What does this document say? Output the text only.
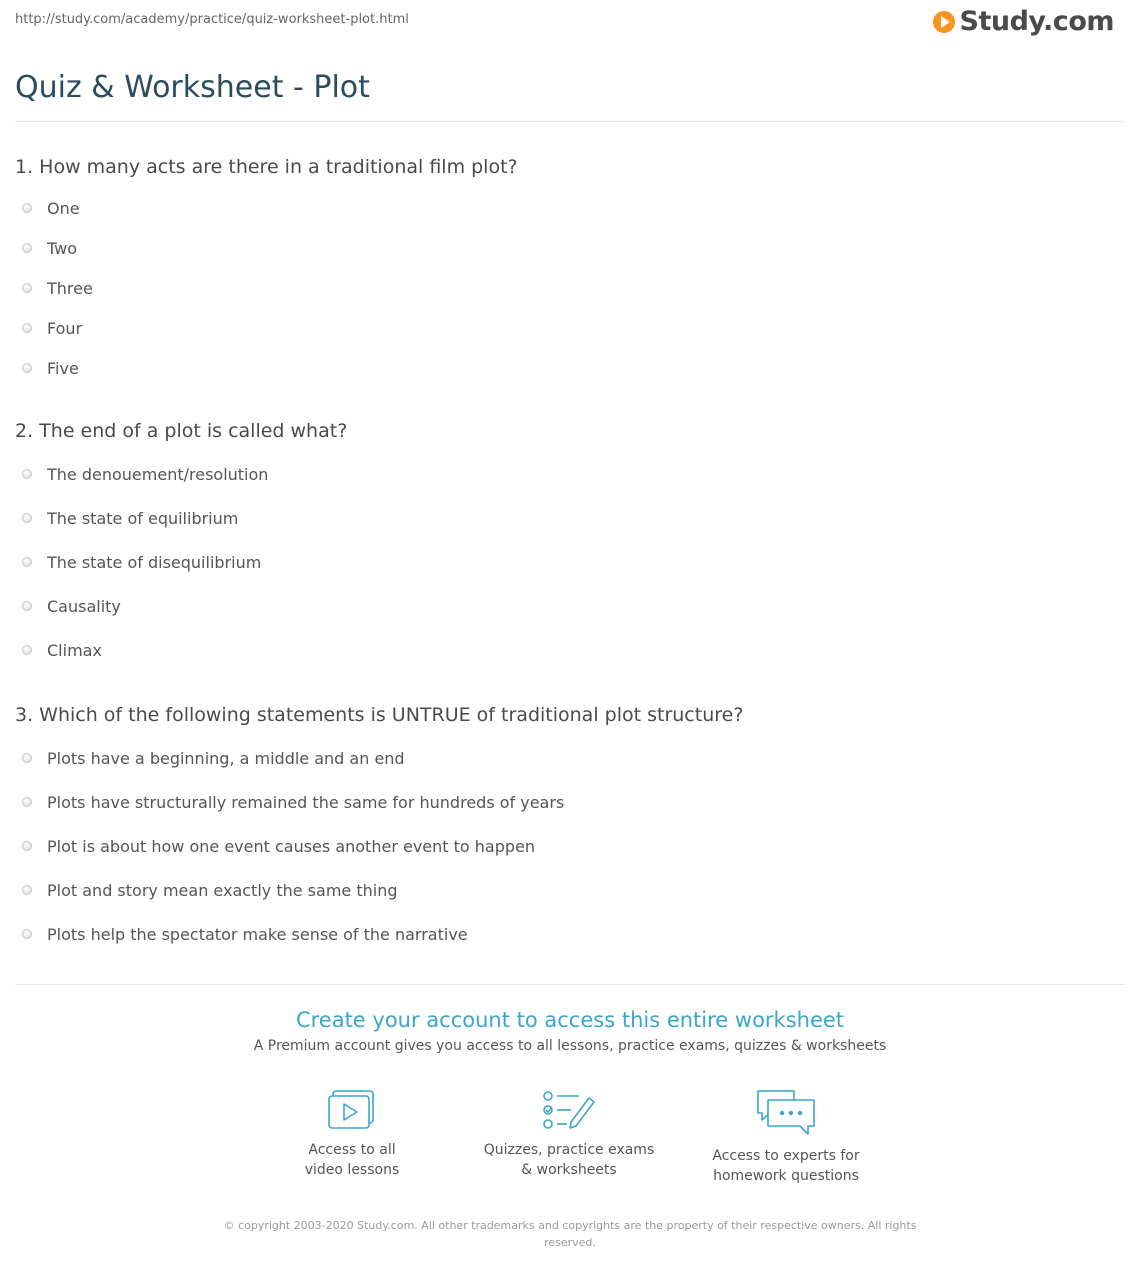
http://study.com/academy/practice/quiz-worksheet-plot.html	Study.com
Quiz & Worksheet - Plot
1. How many acts are there in a traditional film plot?
One
Two
Three
Four
Five
2. The end of a plot is called what?
The denouement/resolution
The state of equilibrium
The state of disequilibrium
Causality
Climax
3. Which of the following statements is UNTRUE of traditional plot structure?
Plots have a beginning, a middle and an end
Plots have structurally remained the same for hundreds of years
Plot is about how one event causes another event to happen
Plot and story mean exactly the same thing
Plots help the spectator make sense of the narrative
Create your account to access this entire worksheet
A Premium account gives you access to all lessons, practice exams, quizzes & worksheets
Access to all
video lessons
Quizzes, practice exams
& worksheets
Access to experts for
homework questions
© copyright 2003-2020 Study.com. All other trademarks and copyrights are the property of their respective owners. All rights
reserved.
